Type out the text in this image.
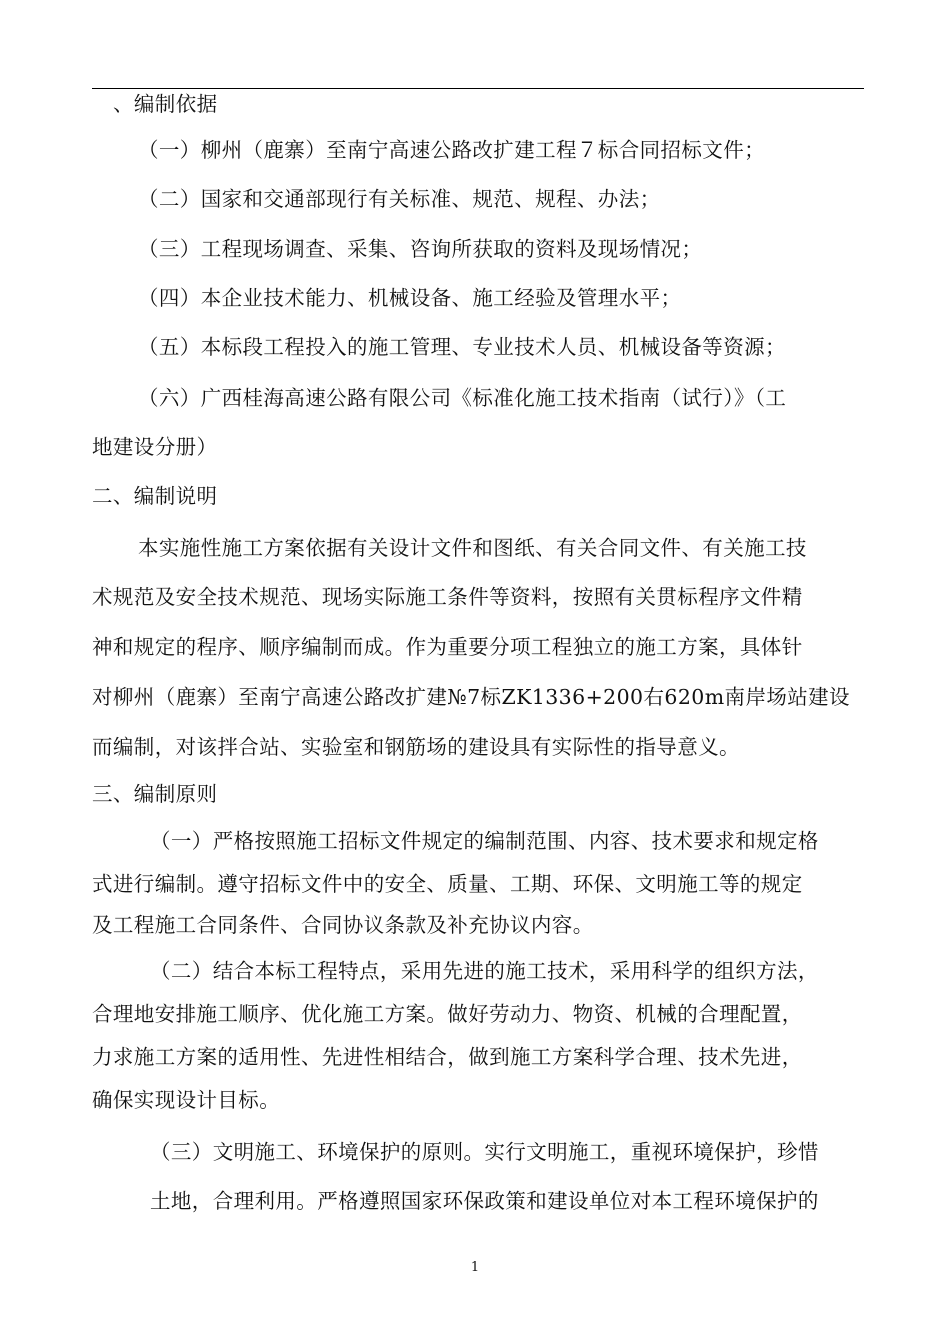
、编制依据

（一）柳州（鹿寨）至南宁高速公路改扩建工程７标合同招标文件；

（二）国家和交通部现行有关标准、规范、规程、办法；

（三）工程现场调查、采集、咨询所获取的资料及现场情况；

（四）本企业技术能力、机械设备、施工经验及管理水平；

（五）本标段工程投入的施工管理、专业技术人员、机械设备等资源；

（六）广西桂海高速公路有限公司《标准化施工技术指南（试行）》（工

地建设分册）

二、编制说明

本实施性施工方案依据有关设计文件和图纸、有关合同文件、有关施工技

术规范及安全技术规范、现场实际施工条件等资料，按照有关贯标程序文件精

神和规定的程序、顺序编制而成。作为重要分项工程独立的施工方案，具体针

对柳州（鹿寨）至南宁高速公路改扩建№7标ZK1336+200右620m南岸场站建设

而编制，对该拌合站、实验室和钢筋场的建设具有实际性的指导意义。

三、编制原则

（一）严格按照施工招标文件规定的编制范围、内容、技术要求和规定格

式进行编制。遵守招标文件中的安全、质量、工期、环保、文明施工等的规定

及工程施工合同条件、合同协议条款及补充协议内容。

（二）结合本标工程特点，采用先进的施工技术，采用科学的组织方法，

合理地安排施工顺序、优化施工方案。做好劳动力、物资、机械的合理配置，

力求施工方案的适用性、先进性相结合，做到施工方案科学合理、技术先进，

确保实现设计目标。

（三）文明施工、环境保护的原则。实行文明施工，重视环境保护，珍惜

土地，合理利用。严格遵照国家环保政策和建设单位对本工程环境保护的

1
